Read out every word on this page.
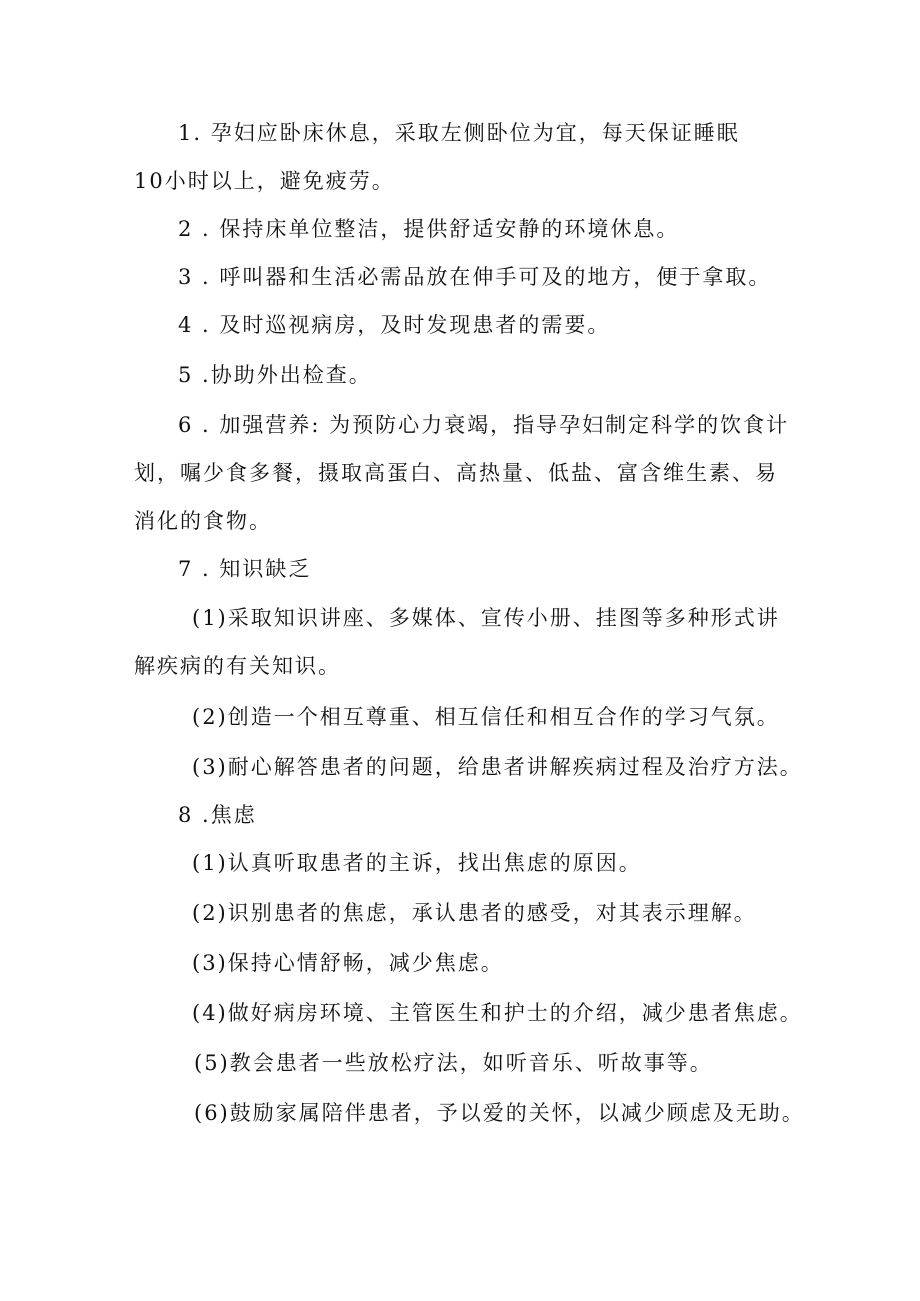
1. 孕妇应卧床休息，采取左侧卧位为宜，每天保证睡眠
10小时以上，避免疲劳。
2 . 保持床单位整洁，提供舒适安静的环境休息。
3 . 呼叫器和生活必需品放在伸手可及的地方，便于拿取。
4 . 及时巡视病房，及时发现患者的需要。
5 .协助外出检查。
6 . 加强营养: 为预防心力衰竭，指导孕妇制定科学的饮食计
划，嘱少食多餐，摄取高蛋白、高热量、低盐、富含维生素、易
消化的食物。
7 . 知识缺乏
(1)采取知识讲座、多媒体、宣传小册、挂图等多种形式讲
解疾病的有关知识。
(2)创造一个相互尊重、相互信任和相互合作的学习气氛。
(3)耐心解答患者的问题，给患者讲解疾病过程及治疗方法。
8 .焦虑
(1)认真听取患者的主诉，找出焦虑的原因。
(2)识别患者的焦虑，承认患者的感受，对其表示理解。
(3)保持心情舒畅，减少焦虑。
(4)做好病房环境、主管医生和护士的介绍，减少患者焦虑。
(5)教会患者一些放松疗法，如听音乐、听故事等。
(6)鼓励家属陪伴患者，予以爱的关怀，以减少顾虑及无助。
